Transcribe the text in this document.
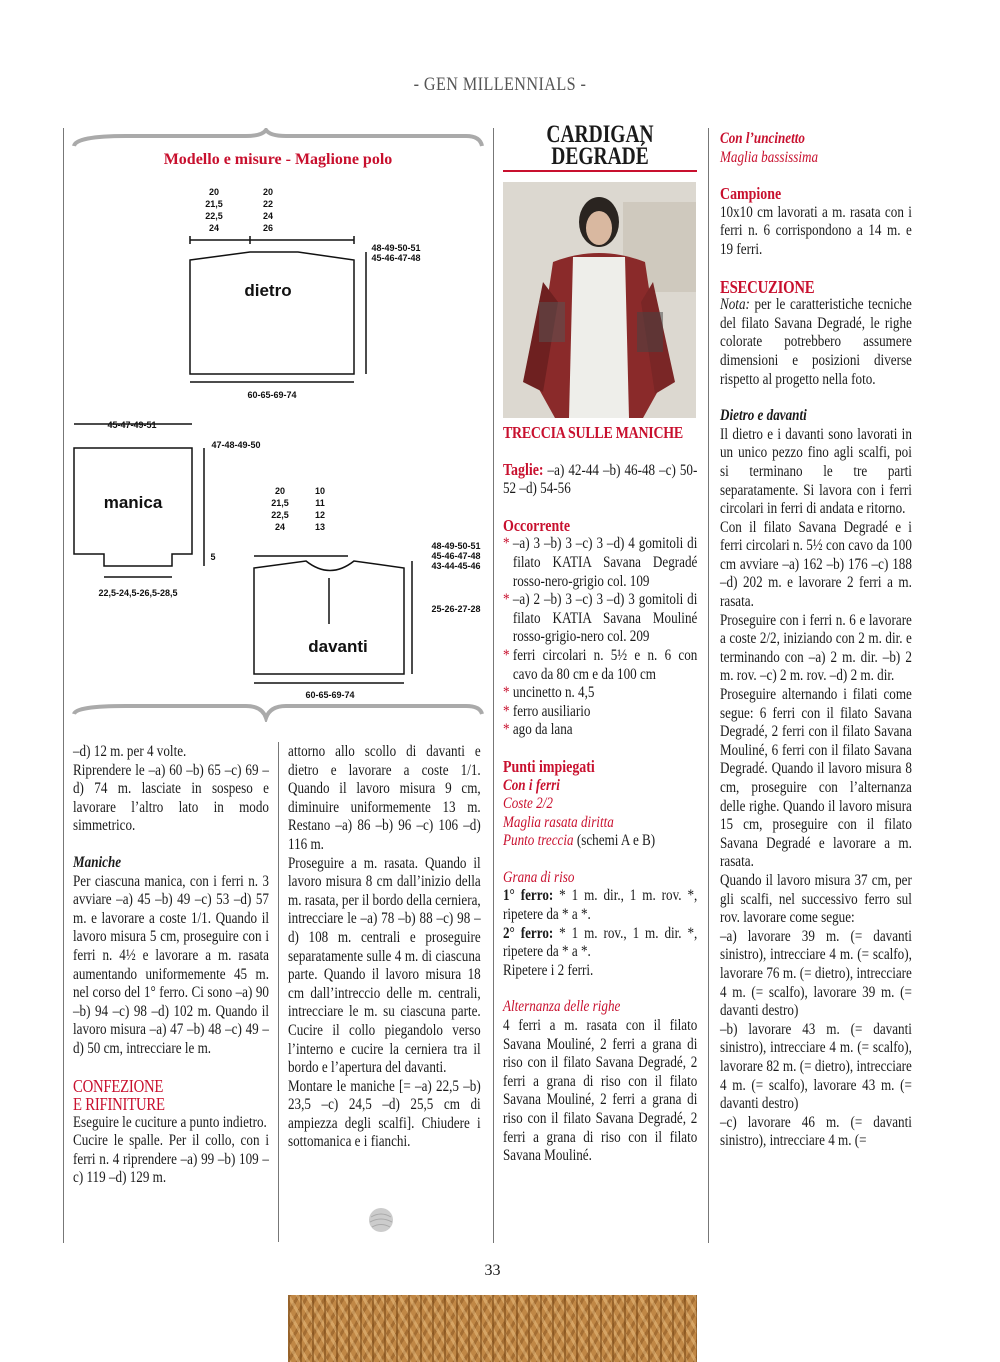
- GEN MILLENNIALS -
Modello e misure - Maglione polo
20
21,5
22,5
24
20
22
24
26
60-65-69-74
48-49-50-51
45-46-47-48
45-47-49-51
47-48-49-50
5
22,5-24,5-26,5-28,5
20
21,5
22,5
24
10
11
12
13
48-49-50-51
45-46-47-48
43-44-45-46
25-26-27-28
60-65-69-74
dietro
manica
davanti

–d) 12 m. per 4 volte.

Riprendere le –a) 60 –b) 65 –c) 69 –d) 74 m. lasciate in sospeso e lavorare l’altro lato in modo simmetrico.

Maniche

Per ciascuna manica, con i ferri n. 3 avviare –a) 45 –b) 49 –c) 53 –d) 57 m. e lavorare a coste 1/1. Quando il lavoro misura 5 cm, proseguire con i ferri n. 4½ e lavorare a m. rasata aumentando uniformemente 45 m. nel corso del 1° ferro. Ci sono –a) 90 –b) 94 –c) 98 –d) 102 m. Quando il lavoro misura –a) 47 –b) 48 –c) 49 –d) 50 cm, intrecciare le m.

CONFEZIONE

E RIFINITURE

Eseguire le cuciture a punto indietro.

Cucire le spalle. Per il collo, con i ferri n. 4 riprendere –a) 99 –b) 109 –c) 119 –d) 129 m.

attorno allo scollo di davanti e dietro e lavorare a coste 1/1. Quando il lavoro misura 9 cm, diminuire uniformemente 13 m. Restano –a) 86 –b) 96 –c) 106 –d) 116 m.

Proseguire a m. rasata. Quando il lavoro misura 8 cm dall’inizio della m. rasata, per il bordo della cerniera, intrecciare le –a) 78 –b) 88 –c) 98 –d) 108 m. centrali e proseguire separatamente sulle 4 m. di ciascuna parte. Quando il lavoro misura 18 cm dall’intreccio delle m. centrali, intrecciare le m. su ciascuna parte. Cucire il collo piegandolo verso l’interno e cucire la cerniera tra il bordo e l’apertura del davanti.

Montare le maniche [= –a) 22,5 –b) 23,5 –c) 24,5 –d) 25,5 cm di ampiezza degli scalfi]. Chiudere i sottomanica e i fianchi.

CARDIGAN
DEGRADÉ

TRECCIA SULLE MANICHE

Taglie: –a) 42-44 –b) 46-48 –c) 50-52 –d) 54-56

Occorrente

* –a) 3 –b) 3 –c) 3 –d) 4 gomitoli di filato KATIA Savana Degradé rosso-nero-grigio col. 109
* –a) 2 –b) 3 –c) 3 –d) 3 gomitoli di filato KATIA Savana Mouliné rosso-grigio-nero col. 209
* ferri circolari n. 5½ e n. 6 con cavo da 80 cm e da 100 cm
* uncinetto n. 4,5
* ferro ausiliario
* ago da lana

Punti impiegati

Con i ferri

Coste 2/2

Maglia rasata diritta

Punto treccia (schemi A e B)

Grana di riso

1° ferro: * 1 m. dir., 1 m. rov. *, ripetere da * a *.

2° ferro: * 1 m. rov., 1 m. dir. *, ripetere da * a *.

Ripetere i 2 ferri.

Alternanza delle righe

4 ferri a m. rasata con il filato Savana Mouliné, 2 ferri a grana di riso con il filato Savana Degradé, 2 ferri a grana di riso con il filato Savana Mouliné, 2 ferri a grana di riso con il filato Savana Degradé, 2 ferri a grana di riso con il filato Savana Mouliné.

Con l’uncinetto

Maglia bassissima

Campione

10x10 cm lavorati a m. rasata con i ferri n. 6 corrispondono a 14 m. e 19 ferri.

ESECUZIONE

Nota: per le caratteristiche tecniche del filato Savana Degradé, le righe colorate potrebbero assumere dimensioni e posizioni diverse rispetto al progetto nella foto.

Dietro e davanti

Il dietro e i davanti sono lavorati in un unico pezzo fino agli scalfi, poi si terminano le tre parti separatamente. Si lavora con i ferri circolari in ferri di andata e ritorno.

Con il filato Savana Degradé e i ferri circolari n. 5½ con cavo da 100 cm avviare –a) 162 –b) 176 –c) 188 –d) 202 m. e lavorare 2 ferri a m. rasata.

Proseguire con i ferri n. 6 e lavorare a coste 2/2, iniziando con 2 m. dir. e terminando con –a) 2 m. dir. –b) 2 m. rov. –c) 2 m. rov. –d) 2 m. dir.

Proseguire alternando i filati come segue: 6 ferri con il filato Savana Degradé, 2 ferri con il filato Savana Mouliné, 6 ferri con il filato Savana Degradé. Quando il lavoro misura 8 cm, proseguire con l’alternanza delle righe. Quando il lavoro misura 15 cm, proseguire con il filato Savana Degradé e lavorare a m. rasata.

Quando il lavoro misura 37 cm, per gli scalfi, nel successivo ferro sul rov. lavorare come segue:

–a) lavorare 39 m. (= davanti sinistro), intrecciare 4 m. (= scalfo), lavorare 76 m. (= dietro), intrecciare 4 m. (= scalfo), lavorare 39 m. (= davanti destro)

–b) lavorare 43 m. (= davanti sinistro), intrecciare 4 m. (= scalfo), lavorare 82 m. (= dietro), intrecciare 4 m. (= scalfo), lavorare 43 m. (= davanti destro)

–c) lavorare 46 m. (= davanti sinistro), intrecciare 4 m. (=

33
